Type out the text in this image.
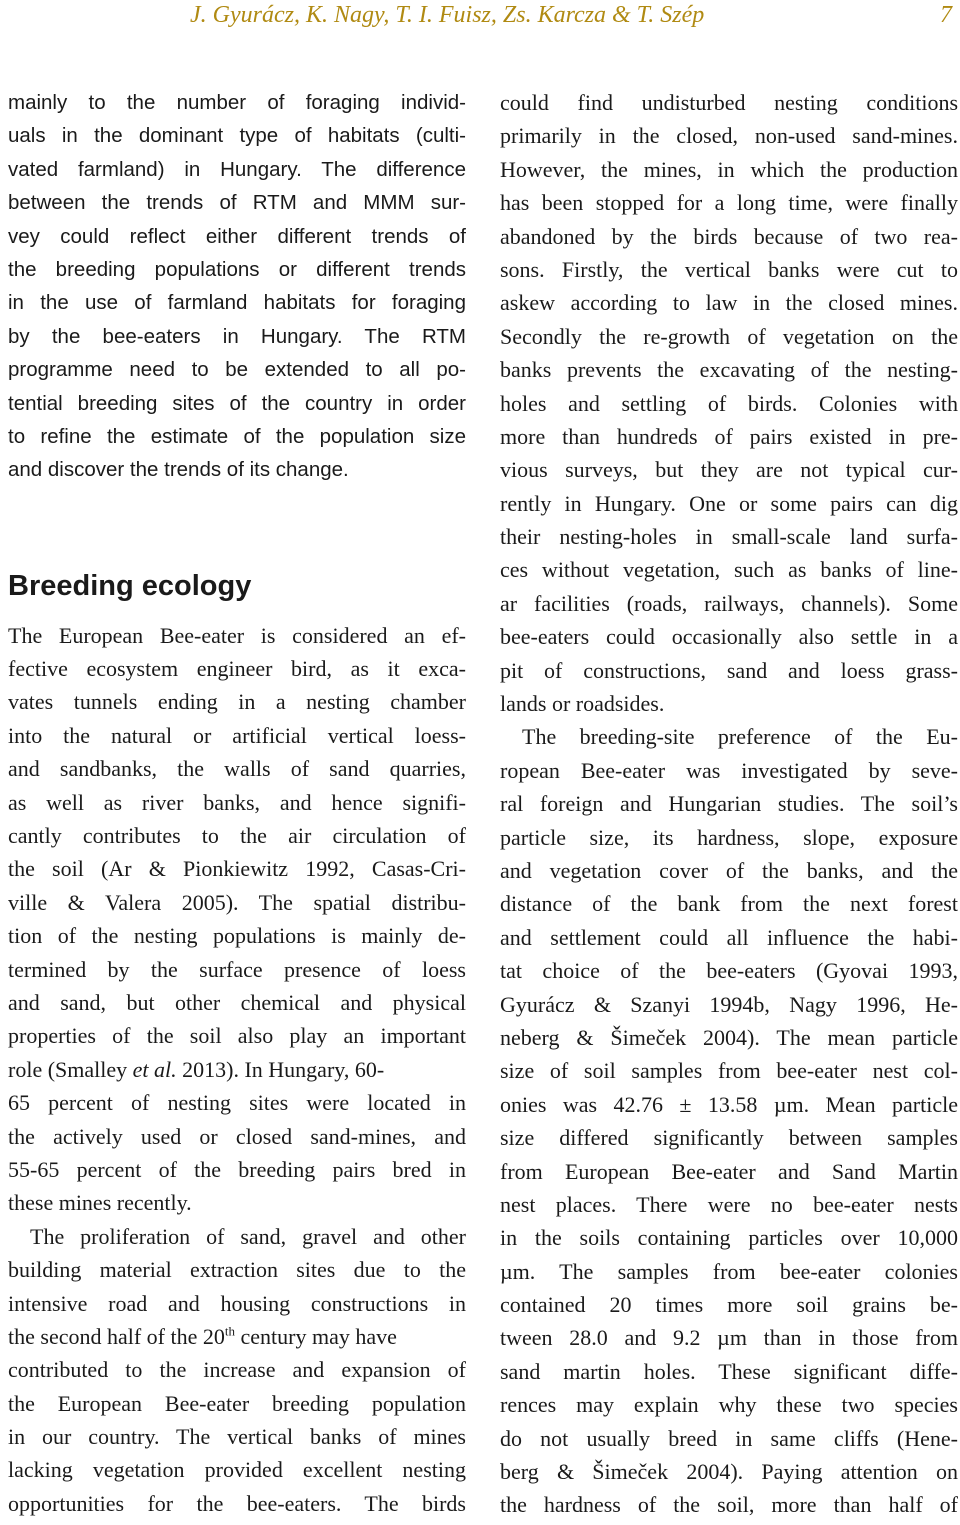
J. Gyurácz, K. Nagy, T. I. Fuisz, Zs. Karcza & T. Szép	7
mainly to the number of foraging individ-
uals in the dominant type of habitats (culti-
vated farmland) in Hungary. The difference
between the trends of RTM and MMM sur-
vey could reflect either different trends of
the breeding populations or different trends
in the use of farmland habitats for foraging
by the bee-eaters in Hungary. The RTM
programme need to be extended to all po-
tential breeding sites of the country in order
to refine the estimate of the population size
and discover the trends of its change.
Breeding ecology
The European Bee-eater is considered an ef-
fective ecosystem engineer bird, as it exca-
vates tunnels ending in a nesting chamber
into the natural or artificial vertical loess-
and sandbanks, the walls of sand quarries,
as well as river banks, and hence signifi-
cantly contributes to the air circulation of
the soil (Ar & Pionkiewitz 1992, Casas-Cri-
ville & Valera 2005). The spatial distribu-
tion of the nesting populations is mainly de-
termined by the surface presence of loess
and sand, but other chemical and physical
properties of the soil also play an important
role (Smalley et al. 2013). In Hungary, 60-
65 percent of nesting sites were located in
the actively used or closed sand-mines, and
55-65 percent of the breeding pairs bred in
these mines recently.
The proliferation of sand, gravel and other
building material extraction sites due to the
intensive road and housing constructions in
the second half of the 20th century may have
contributed to the increase and expansion of
the European Bee-eater breeding population
in our country. The vertical banks of mines
lacking vegetation provided excellent nesting
opportunities for the bee-eaters. The birds
could find undisturbed nesting conditions
primarily in the closed, non-used sand-mines.
However, the mines, in which the production
has been stopped for a long time, were finally
abandoned by the birds because of two rea-
sons. Firstly, the vertical banks were cut to
askew according to law in the closed mines.
Secondly the re-growth of vegetation on the
banks prevents the excavating of the nesting-
holes and settling of birds. Colonies with
more than hundreds of pairs existed in pre-
vious surveys, but they are not typical cur-
rently in Hungary. One or some pairs can dig
their nesting-holes in small-scale land surfa-
ces without vegetation, such as banks of line-
ar facilities (roads, railways, channels). Some
bee-eaters could occasionally also settle in a
pit of constructions, sand and loess grass-
lands or roadsides.
The breeding-site preference of the Eu-
ropean Bee-eater was investigated by seve-
ral foreign and Hungarian studies. The soil’s
particle size, its hardness, slope, exposure
and vegetation cover of the banks, and the
distance of the bank from the next forest
and settlement could all influence the habi-
tat choice of the bee-eaters (Gyovai 1993,
Gyurácz & Szanyi 1994b, Nagy 1996, He-
neberg & Šimeček 2004). The mean particle
size of soil samples from bee-eater nest col-
onies was 42.76 ± 13.58 µm. Mean particle
size differed significantly between samples
from European Bee-eater and Sand Martin
nest places. There were no bee-eater nests
in the soils containing particles over 10,000
µm. The samples from bee-eater colonies
contained 20 times more soil grains be-
tween 28.0 and 9.2 µm than in those from
sand martin holes. These significant diffe-
rences may explain why these two species
do not usually breed in same cliffs (Hene-
berg & Šimeček 2004). Paying attention on
the hardness of the soil, more than half of
